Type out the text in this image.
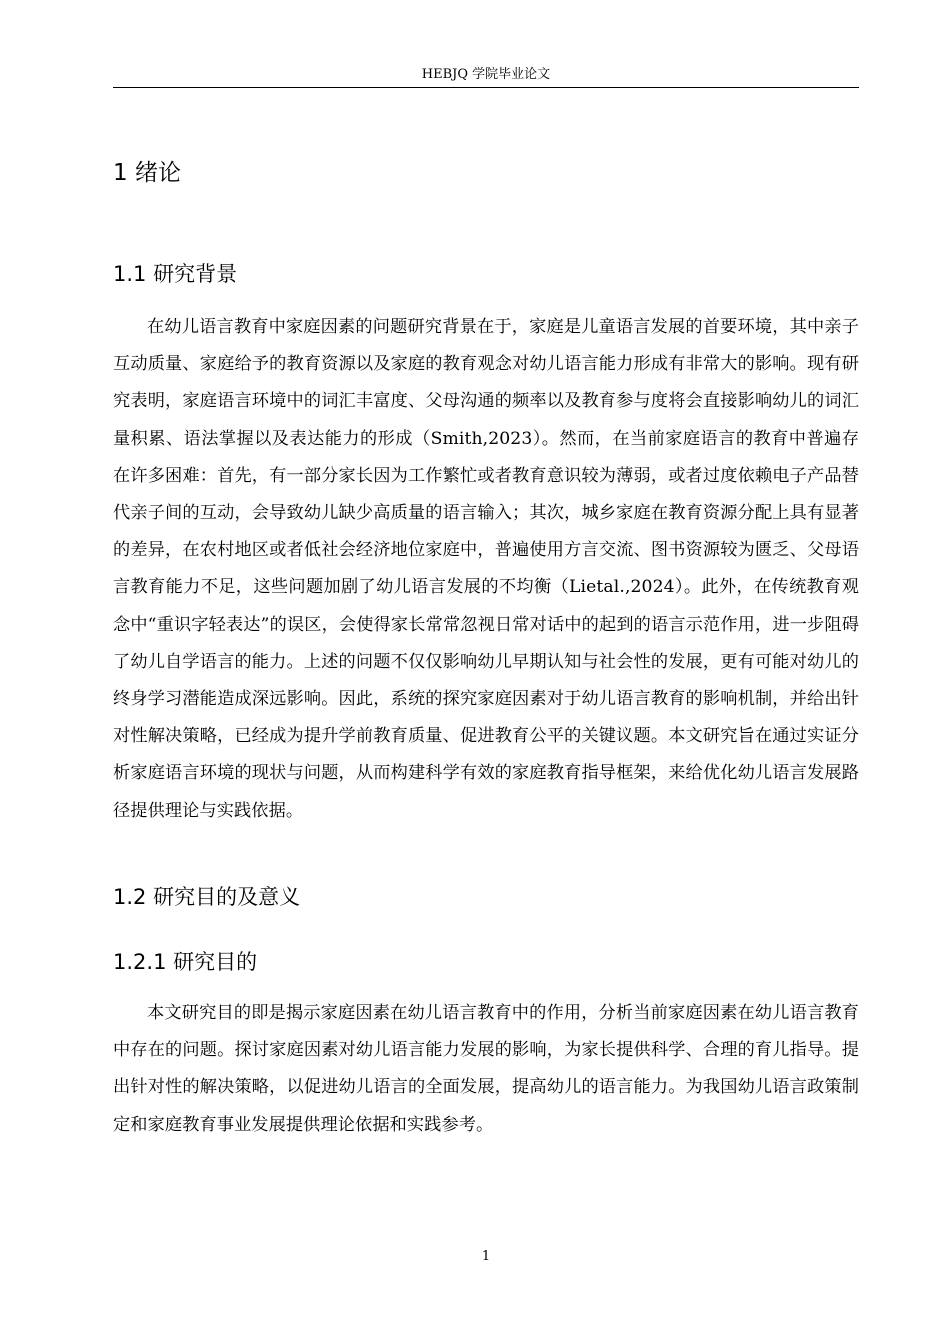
HEBJQ 学院毕业论文
1 绪论
1.1 研究背景

在幼儿语言教育中家庭因素的问题研究背景在于，家庭是儿童语言发展的首要环境，其中亲子互动质量、家庭给予的教育资源以及家庭的教育观念对幼儿语言能力形成有非常大的影响。现有研究表明，家庭语言环境中的词汇丰富度、父母沟通的频率以及教育参与度将会直接影响幼儿的词汇量积累、语法掌握以及表达能力的形成（Smith,2023）。然而，在当前家庭语言的教育中普遍存在许多困难：首先，有一部分家长因为工作繁忙或者教育意识较为薄弱，或者过度依赖电子产品替代亲子间的互动，会导致幼儿缺少高质量的语言输入；其次，城乡家庭在教育资源分配上具有显著的差异，在农村地区或者低社会经济地位家庭中，普遍使用方言交流、图书资源较为匮乏、父母语言教育能力不足，这些问题加剧了幼儿语言发展的不均衡（Lietal.,2024）。此外，在传统教育观念中“重识字轻表达”的误区，会使得家长常常忽视日常对话中的起到的语言示范作用，进一步阻碍了幼儿自学语言的能力。上述的问题不仅仅影响幼儿早期认知与社会性的发展，更有可能对幼儿的终身学习潜能造成深远影响。因此，系统的探究家庭因素对于幼儿语言教育的影响机制，并给出针对性解决策略，已经成为提升学前教育质量、促进教育公平的关键议题。本文研究旨在通过实证分析家庭语言环境的现状与问题，从而构建科学有效的家庭教育指导框架，来给优化幼儿语言发展路径提供理论与实践依据。

1.2 研究目的及意义
1.2.1 研究目的

本文研究目的即是揭示家庭因素在幼儿语言教育中的作用，分析当前家庭因素在幼儿语言教育中存在的问题。探讨家庭因素对幼儿语言能力发展的影响，为家长提供科学、合理的育儿指导。提出针对性的解决策略，以促进幼儿语言的全面发展，提高幼儿的语言能力。为我国幼儿语言政策制定和家庭教育事业发展提供理论依据和实践参考。

1
